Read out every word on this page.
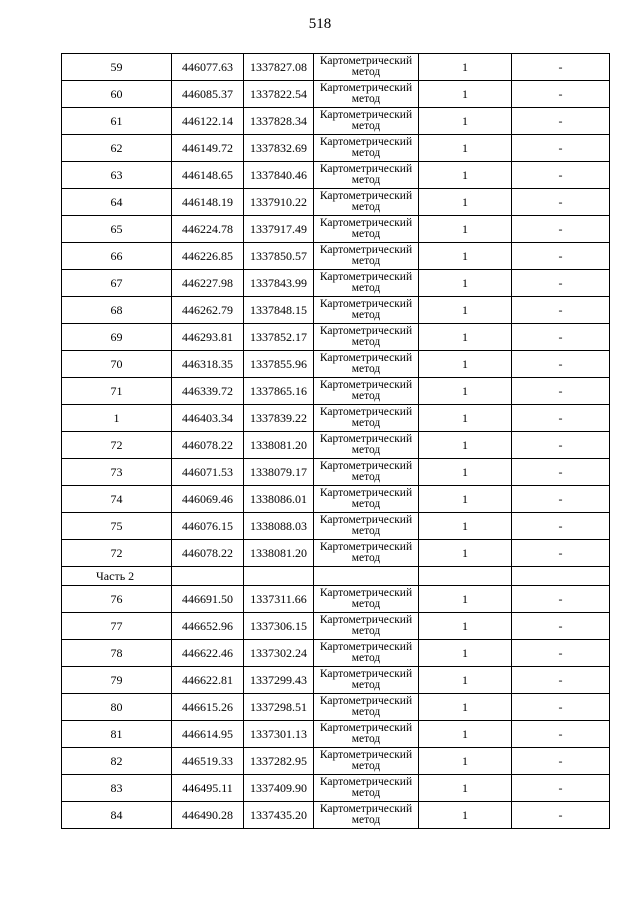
518
59	446077.63	1337827.08	Картометрический
метод	1	-
60	446085.37	1337822.54	Картометрический
метод	1	-
61	446122.14	1337828.34	Картометрический
метод	1	-
62	446149.72	1337832.69	Картометрический
метод	1	-
63	446148.65	1337840.46	Картометрический
метод	1	-
64	446148.19	1337910.22	Картометрический
метод	1	-
65	446224.78	1337917.49	Картометрический
метод	1	-
66	446226.85	1337850.57	Картометрический
метод	1	-
67	446227.98	1337843.99	Картометрический
метод	1	-
68	446262.79	1337848.15	Картометрический
метод	1	-
69	446293.81	1337852.17	Картометрический
метод	1	-
70	446318.35	1337855.96	Картометрический
метод	1	-
71	446339.72	1337865.16	Картометрический
метод	1	-
1	446403.34	1337839.22	Картометрический
метод	1	-
72	446078.22	1338081.20	Картометрический
метод	1	-
73	446071.53	1338079.17	Картометрический
метод	1	-
74	446069.46	1338086.01	Картометрический
метод	1	-
75	446076.15	1338088.03	Картометрический
метод	1	-
72	446078.22	1338081.20	Картометрический
метод	1	-
Часть 2					
76	446691.50	1337311.66	Картометрический
метод	1	-
77	446652.96	1337306.15	Картометрический
метод	1	-
78	446622.46	1337302.24	Картометрический
метод	1	-
79	446622.81	1337299.43	Картометрический
метод	1	-
80	446615.26	1337298.51	Картометрический
метод	1	-
81	446614.95	1337301.13	Картометрический
метод	1	-
82	446519.33	1337282.95	Картометрический
метод	1	-
83	446495.11	1337409.90	Картометрический
метод	1	-
84	446490.28	1337435.20	Картометрический
метод	1	-
